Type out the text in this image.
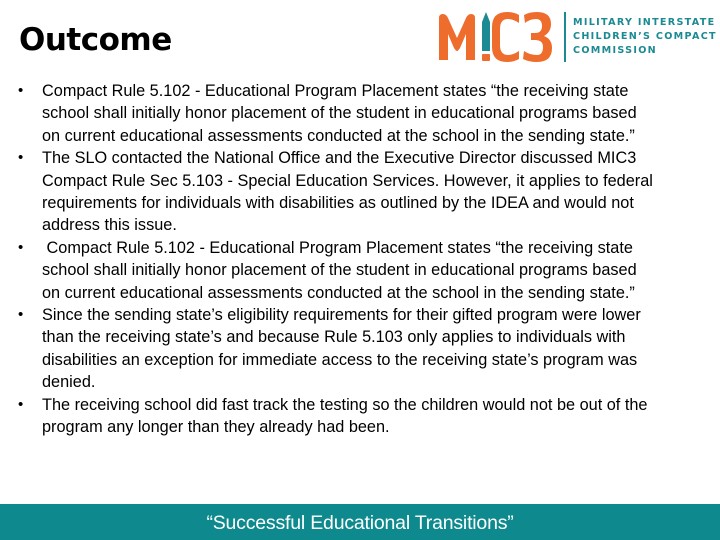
Outcome	MILITARY INTERSTATE
CHILDREN’S COMPACT
COMMISSION
• Compact Rule 5.102 - Educational Program Placement states “the receiving state
school shall initially honor placement of the student in educational programs based
on current educational assessments conducted at the school in the sending state.”
• The SLO contacted the National Office and the Executive Director discussed MIC3
Compact Rule Sec 5.103 - Special Education Services. However, it applies to federal
requirements for individuals with disabilities as outlined by the IDEA and would not
address this issue.
• Compact Rule 5.102 - Educational Program Placement states “the receiving state
school shall initially honor placement of the student in educational programs based
on current educational assessments conducted at the school in the sending state.”
• Since the sending state’s eligibility requirements for their gifted program were lower
than the receiving state’s and because Rule 5.103 only applies to individuals with
disabilities an exception for immediate access to the receiving state’s program was
denied.
• The receiving school did fast track the testing so the children would not be out of the
program any longer than they already had been.
“Successful Educational Transitions”
